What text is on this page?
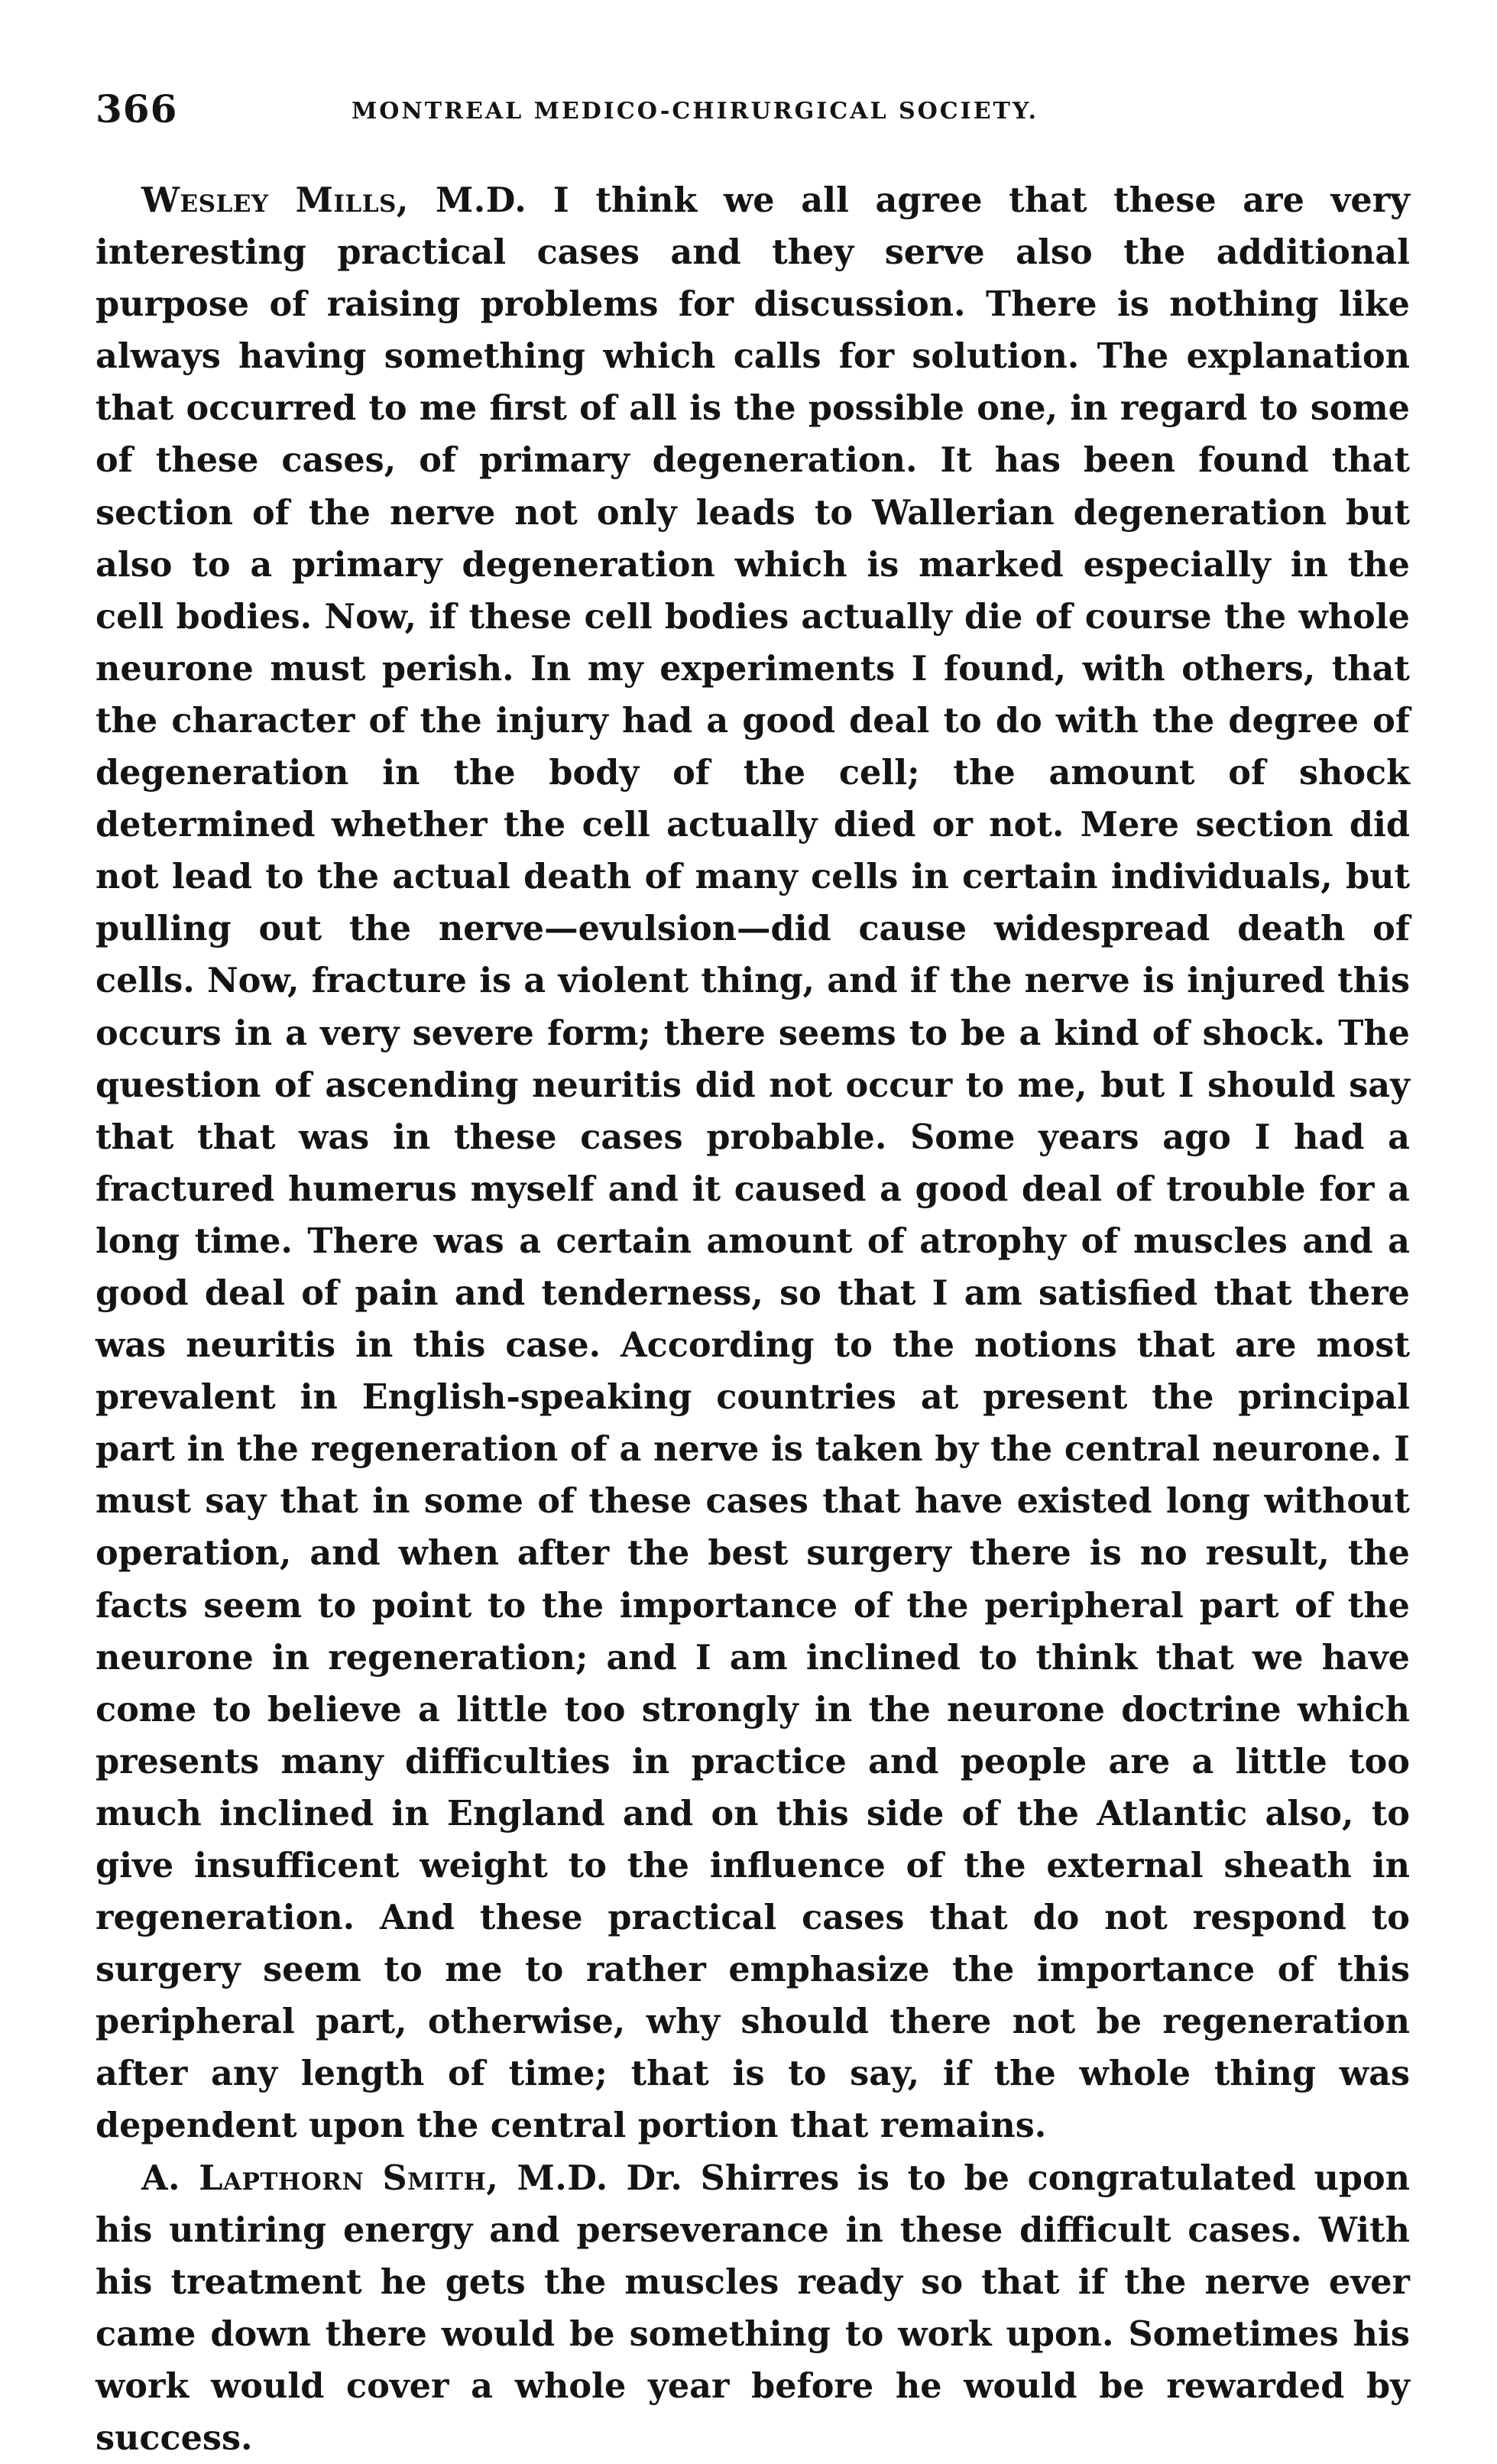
366	MONTREAL MEDICO-CHIRURGICAL SOCIETY.

Wesley Mills, M.D. I think we all agree that these are very interesting practical cases and they serve also the additional purpose of raising problems for discussion. There is nothing like always having something which calls for solution. The explanation that occurred to me first of all is the possible one, in regard to some of these cases, of primary degeneration. It has been found that section of the nerve not only leads to Wallerian degeneration but also to a primary degeneration which is marked especially in the cell bodies. Now, if these cell bodies actually die of course the whole neurone must perish. In my experiments I found, with others, that the character of the injury had a good deal to do with the degree of degeneration in the body of the cell; the amount of shock determined whether the cell actually died or not. Mere section did not lead to the actual death of many cells in certain individuals, but pulling out the nerve—evulsion—did cause widespread death of cells. Now, fracture is a violent thing, and if the nerve is injured this occurs in a very severe form; there seems to be a kind of shock. The question of ascending neuritis did not occur to me, but I should say that that was in these cases probable. Some years ago I had a fractured humerus myself and it caused a good deal of trouble for a long time. There was a certain amount of atrophy of muscles and a good deal of pain and tenderness, so that I am satisfied that there was neuritis in this case. According to the notions that are most prevalent in English-speaking countries at present the principal part in the regeneration of a nerve is taken by the central neurone. I must say that in some of these cases that have existed long without operation, and when after the best surgery there is no result, the facts seem to point to the importance of the peripheral part of the neurone in regeneration; and I am inclined to think that we have come to believe a little too strongly in the neurone doctrine which presents many difficulties in practice and people are a little too much inclined in England and on this side of the Atlantic also, to give insufficent weight to the influence of the external sheath in regeneration. And these practical cases that do not respond to surgery seem to me to rather emphasize the importance of this peripheral part, otherwise, why should there not be regeneration after any length of time; that is to say, if the whole thing was dependent upon the central portion that remains.

A. Lapthorn Smith, M.D. Dr. Shirres is to be congratulated upon his untiring energy and perseverance in these difficult cases. With his treatment he gets the muscles ready so that if the nerve ever came down there would be something to work upon. Sometimes his work would cover a whole year before he would be rewarded by success.
